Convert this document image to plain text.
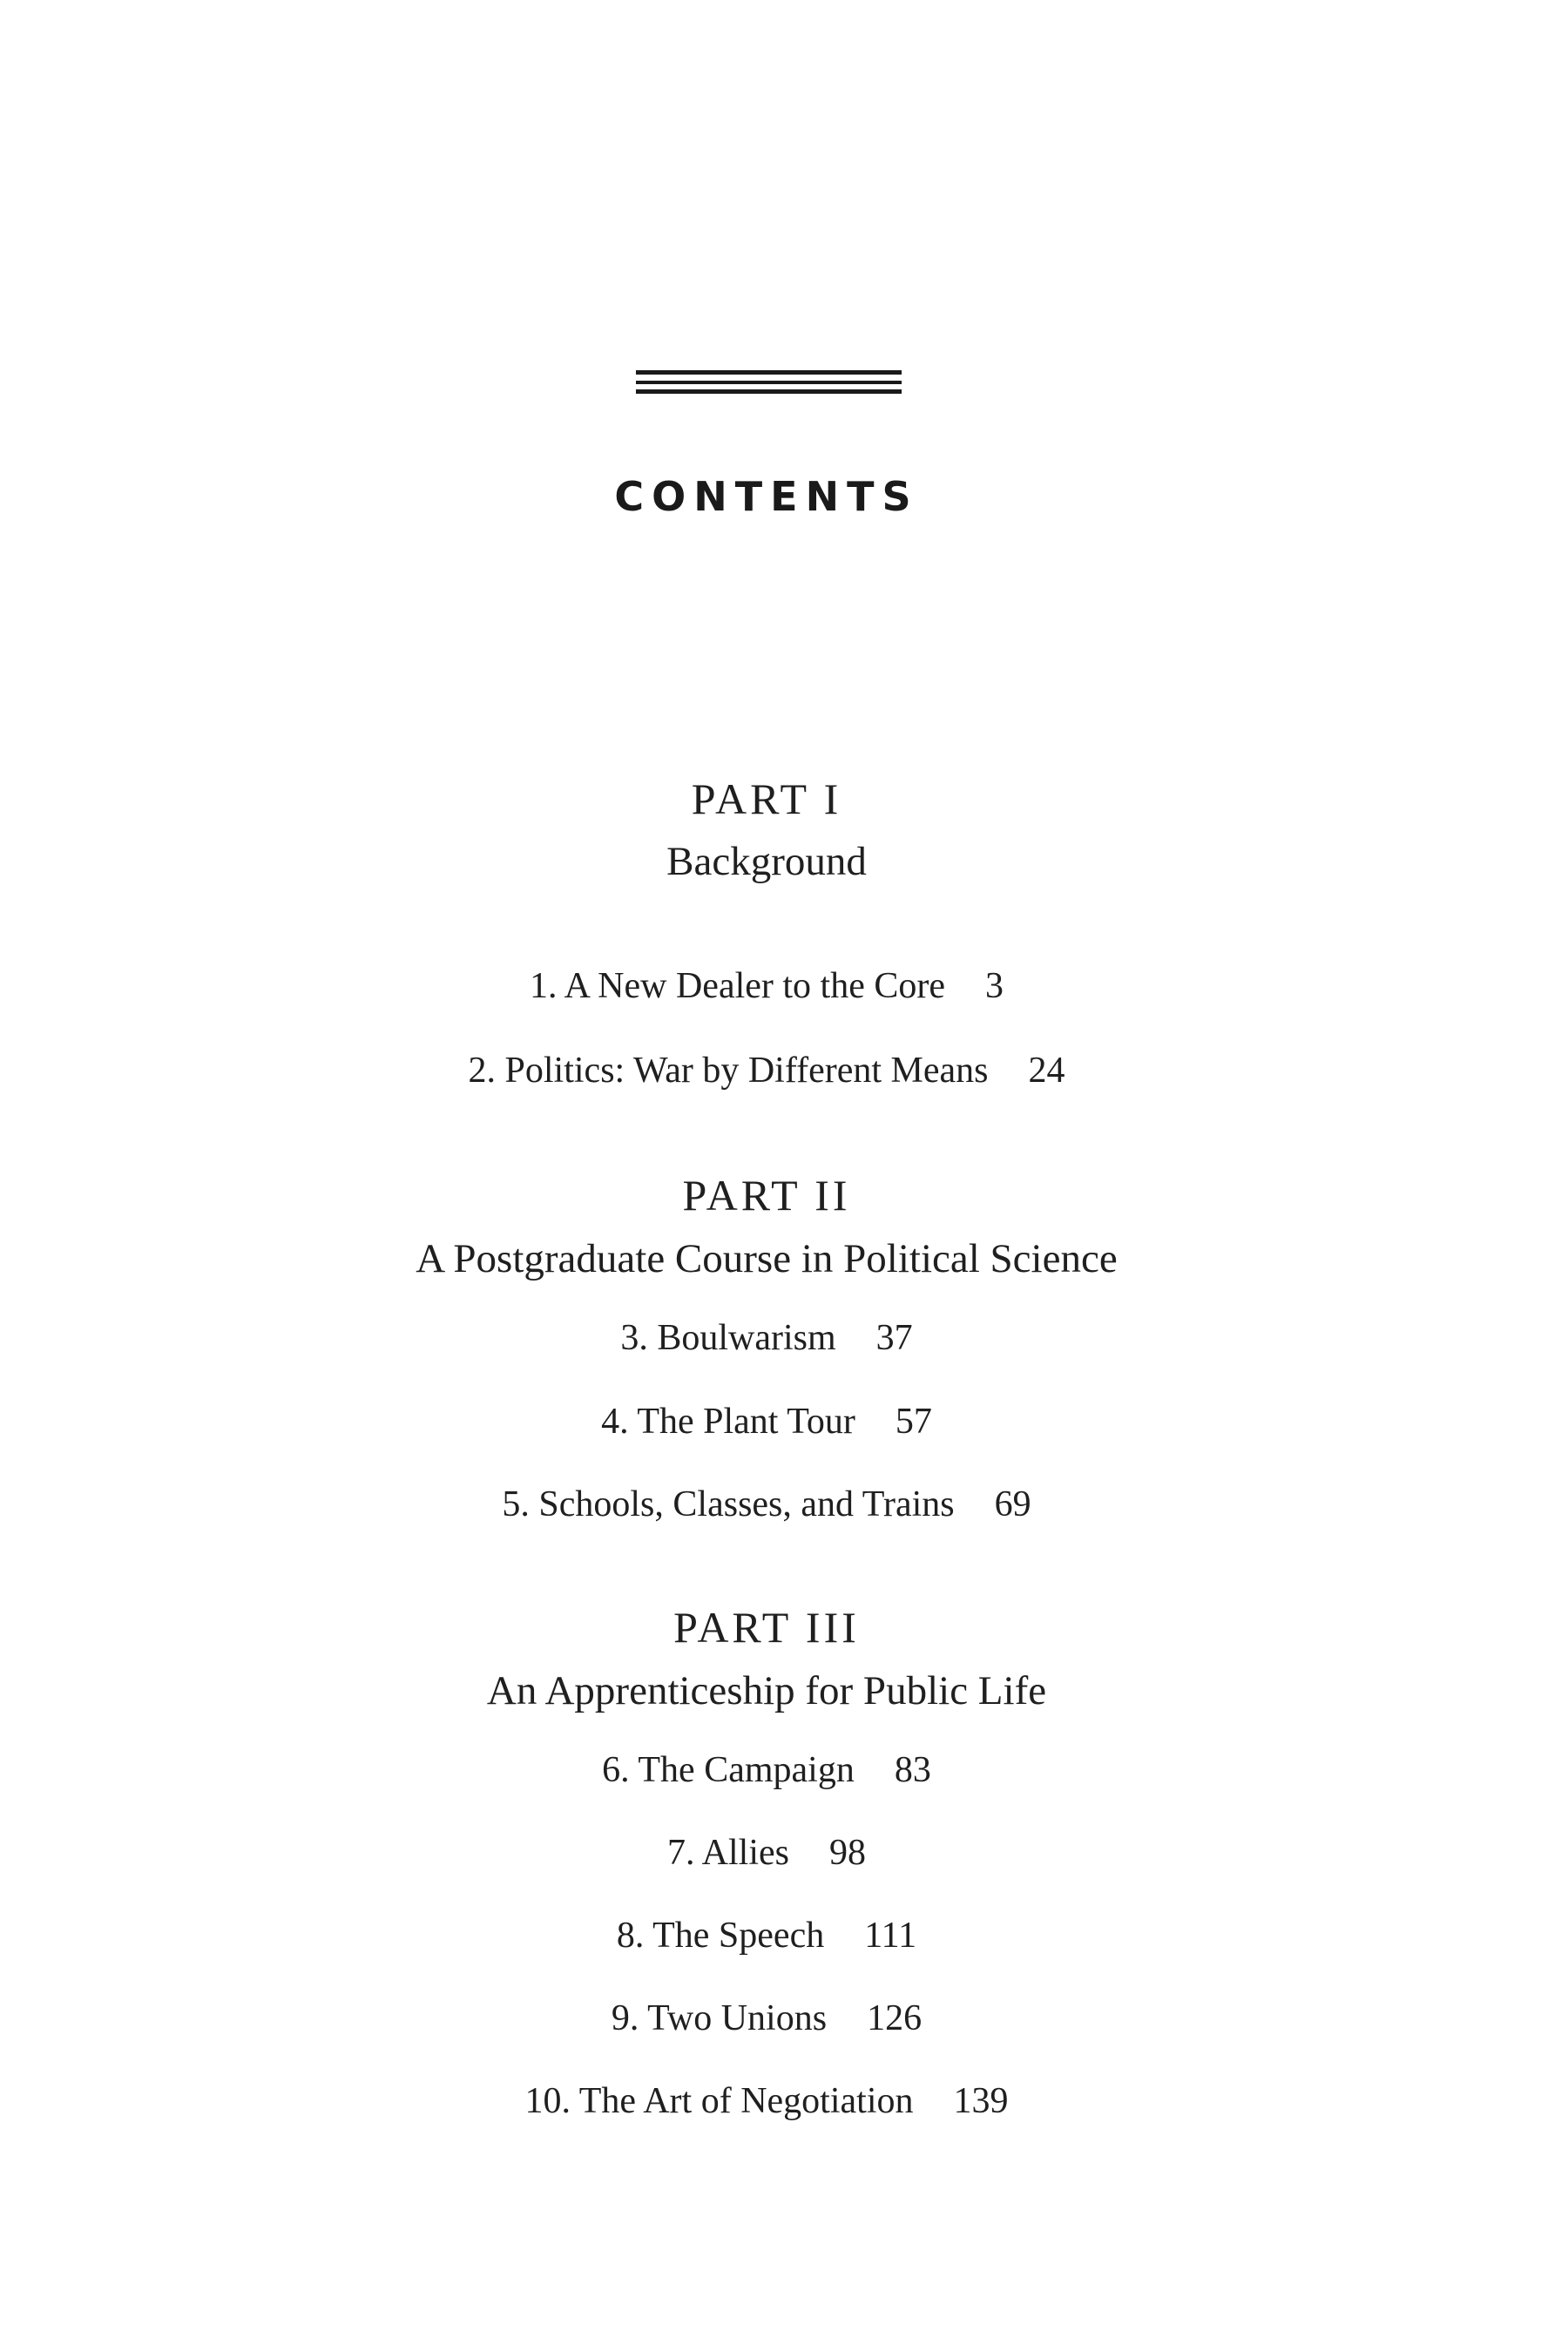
CONTENTS
PART I
Background
1. A New Dealer to the Core 3
2. Politics: War by Different Means 24
PART II
A Postgraduate Course in Political Science
3. Boulwarism 37
4. The Plant Tour 57
5. Schools, Classes, and Trains 69
PART III
An Apprenticeship for Public Life
6. The Campaign 83
7. Allies 98
8. The Speech 111
9. Two Unions 126
10. The Art of Negotiation 139
